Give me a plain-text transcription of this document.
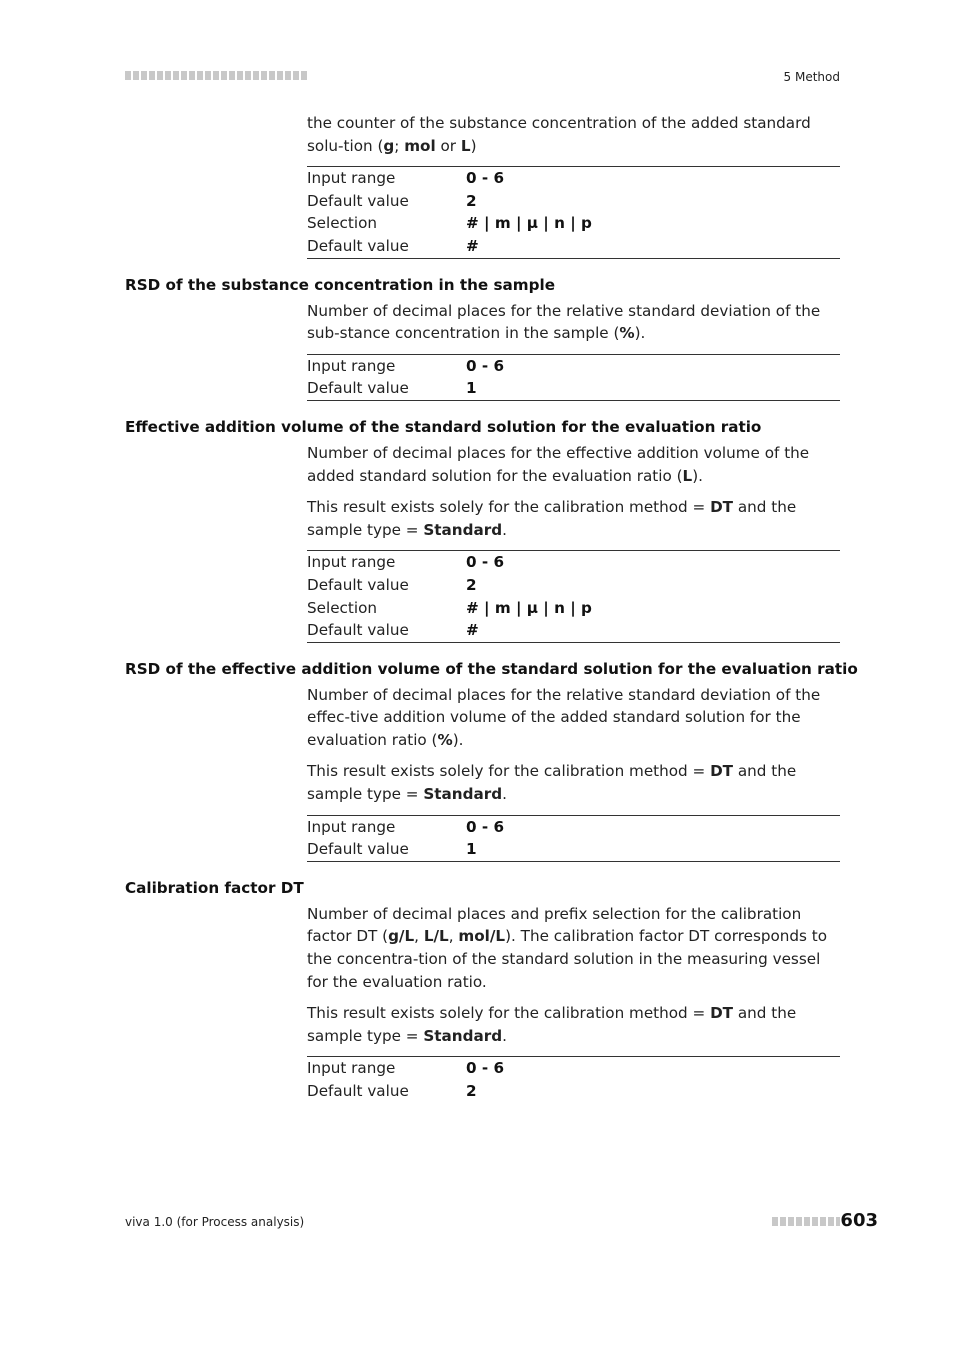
5 Method

the counter of the substance concentration of the added standard solu-tion (g; mol or L)

Input range	0 - 6
Default value	2
Selection	# | m | µ | n | p
Default value	#
RSD of the substance concentration in the sample

Number of decimal places for the relative standard deviation of the sub-stance concentration in the sample (%).

Input range	0 - 6
Default value	1
Effective addition volume of the standard solution for the evaluation ratio

Number of decimal places for the effective addition volume of the added standard solution for the evaluation ratio (L).

This result exists solely for the calibration method = DT and the sample type = Standard.

Input range	0 - 6
Default value	2
Selection	# | m | µ | n | p
Default value	#
RSD of the effective addition volume of the standard solution for the evaluation ratio

Number of decimal places for the relative standard deviation of the effec-tive addition volume of the added standard solution for the evaluation ratio (%).

This result exists solely for the calibration method = DT and the sample type = Standard.

Input range	0 - 6
Default value	1
Calibration factor DT

Number of decimal places and prefix selection for the calibration factor DT (g/L, L/L, mol/L). The calibration factor DT corresponds to the concentra-tion of the standard solution in the measuring vessel for the evaluation ratio.

This result exists solely for the calibration method = DT and the sample type = Standard.

Input range	0 - 6
Default value	2
viva 1.0 (for Process analysis)	603
